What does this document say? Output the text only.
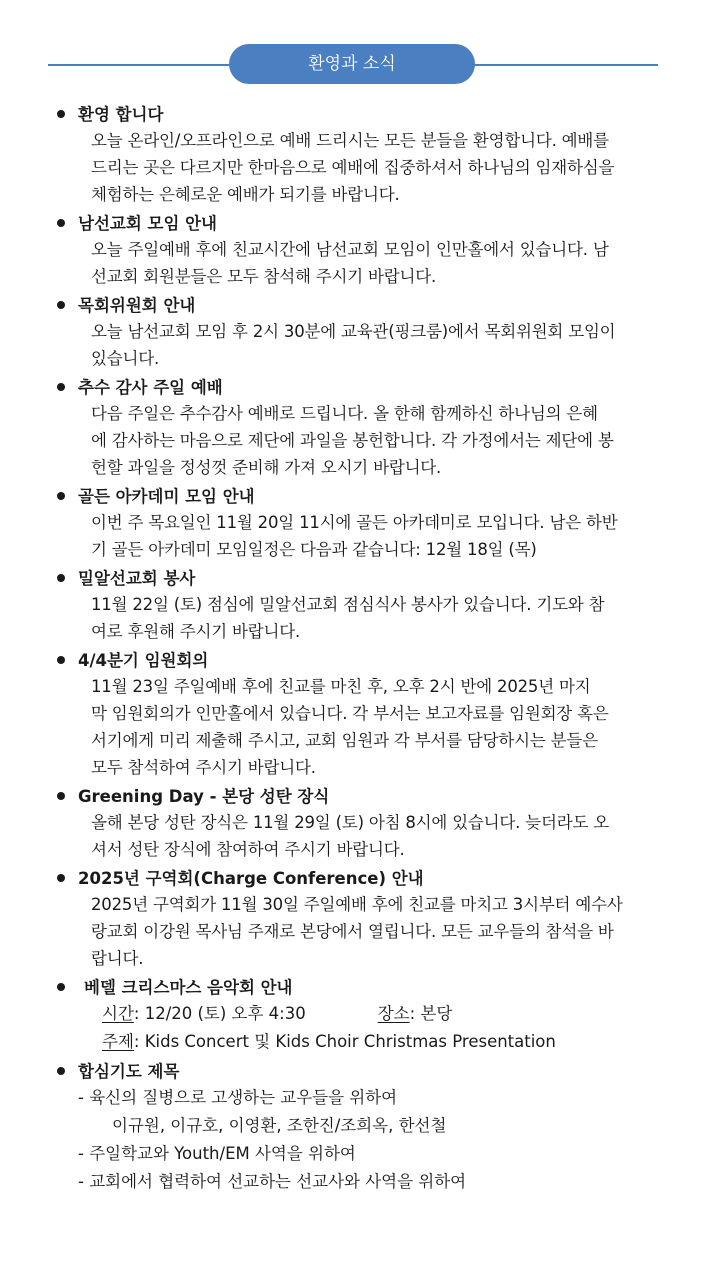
환영과 소식
환영 합니다
오늘 온라인/오프라인으로 예배 드리시는 모든 분들을 환영합니다. 예배를
드리는 곳은 다르지만 한마음으로 예배에 집중하셔서 하나님의 임재하심을
체험하는 은혜로운 예배가 되기를 바랍니다.
남선교회 모임 안내
오늘 주일예배 후에 친교시간에 남선교회 모임이 인만홀에서 있습니다. 남
선교회 회원분들은 모두 참석해 주시기 바랍니다.
목회위원회 안내
오늘 남선교회 모임 후 2시 30분에 교육관(핑크룸)에서 목회위원회 모임이
있습니다.
추수 감사 주일 예배
다음 주일은 추수감사 예배로 드립니다. 올 한해 함께하신 하나님의 은혜
에 감사하는 마음으로 제단에 과일을 봉헌합니다. 각 가정에서는 제단에 봉
헌할 과일을 정성껏 준비해 가져 오시기 바랍니다.
골든 아카데미 모임 안내
이번 주 목요일인 11월 20일 11시에 골든 아카데미로 모입니다. 남은 하반
기 골든 아카데미 모임일정은 다음과 같습니다: 12월 18일 (목)
밀알선교회 봉사
11월 22일 (토) 점심에 밀알선교회 점심식사 봉사가 있습니다. 기도와 참
여로 후원해 주시기 바랍니다.
4/4분기 임원회의
11월 23일 주일예배 후에 친교를 마친 후, 오후 2시 반에 2025년 마지
막 임원회의가 인만홀에서 있습니다. 각 부서는 보고자료를 임원회장 혹은
서기에게 미리 제출해 주시고, 교회 임원과 각 부서를 담당하시는 분들은
모두 참석하여 주시기 바랍니다.
Greening Day - 본당 성탄 장식
올해 본당 성탄 장식은 11월 29일 (토) 아침 8시에 있습니다. 늦더라도 오
셔서 성탄 장식에 참여하여 주시기 바랍니다.
2025년 구역회(Charge Conference) 안내
2025년 구역회가 11월 30일 주일예배 후에 친교를 마치고 3시부터 예수사
랑교회 이강원 목사님 주재로 본당에서 열립니다. 모든 교우들의 참석을 바
랍니다.
베델 크리스마스 음악회 안내
시간: 12/20 (토) 오후 4:30	장소: 본당
주제: Kids Concert 및 Kids Choir Christmas Presentation
합심기도 제목
- 육신의 질병으로 고생하는 교우들을 위하여
이규원, 이규호, 이영환, 조한진/조희옥, 한선철
- 주일학교와 Youth/EM 사역을 위하여
- 교회에서 협력하여 선교하는 선교사와 사역을 위하여
